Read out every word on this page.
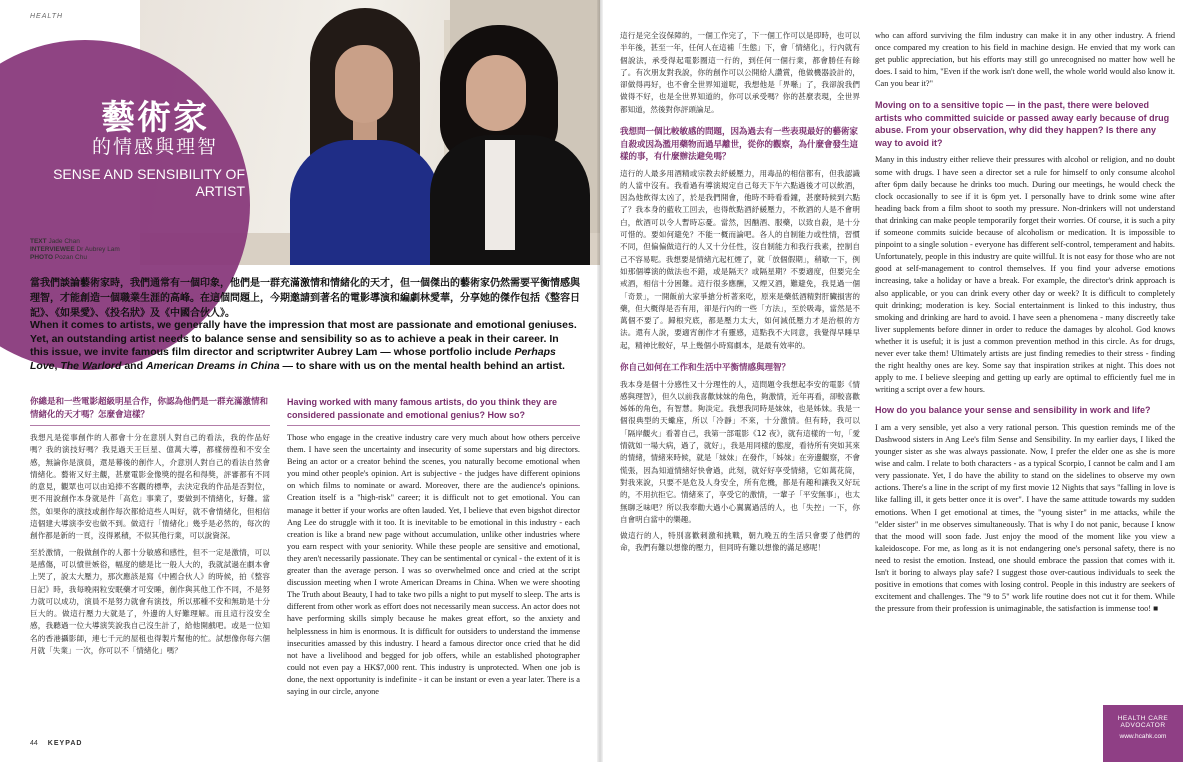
HEALTH
藝術家
的情感與理智
SENSE AND SENSIBILITY OF ARTIST
TEXT Jade Chan
INTERVIEWEE Dr Aubrey Lam
PHOTO Pozan Chu
當我們談論藝術家時，我們通常有一個印象，他們是一群充滿激情和情緒化的天才，但一個傑出的藝術家仍然需要平衡情感與理智，才能創造一個職業生涯的高峰。在這個問題上，今期邀請到著名的電影導演和編劇林愛華，分享她的傑作包括《整容日記》、《如果愛》、《投名狀》及《中國合伙人》。
When it comes to artists, we generally have the impression that most are passionate and emotional geniuses. Yet, an outstanding artist needs to balance sense and sensibility so as to achieve a peak in their career. In this issue, we invite famous film director and scriptwriter Aubrey Lam — whose portfolio include Perhaps Love, The Warlord and American Dreams in China — to share with us on the mental health behind an artist.
你總是和一些電影超級明星合作，你認為他們是一群充滿激情和情緒化的天才嗎？怎麼會這樣？
我想凡是從事創作的人都會十分在意別人對自己的看法，我的作品好嗎？我的演技好嗎？我見過天王巨星、億萬大導，都樣徬徨和不安全感，無論你是演員，還是幕後的創作人，介意別人對自己的看法自然會情緒化。藝術又好主觀，甚麼電影金像獎的提名和得獎，評審都有不同的意見，觀眾也可以由追捧不客觀的標準，去決定我的作品是否對位，更不用說創作本身就是件「高危」事業了，要做到不情緒化，好難。當然，如果你的演技或創作每次都給這些人叫好，就不會情緒化，但相信這個建大導演李安也做不到。做這行「情緒化」幾乎是必然的，每次的創作都是新的一頁，沒得累積，不似其他行業，可以說資深。
至於激情，一般做創作的人都十分敏感和感性，但不一定是激情，可以是感傷，可以憤世嫉俗，幅度的總是比一般人大的，我就試過在劇本會上哭了，說太大壓力，那次應該是寫《中國合伙人》的時候，拍《整容日記》時，我每晚兩粒安眠藥才可安睡，創作與其他工作不同，不是努力就可以成功，演員不是努力就會有演技，所以那種不安和無助是十分巨大的。做這行壓力大就是了，外邊的人好難理解。而且這行沒安全感，我聽過一位大導演笑說我自己沒生計了，給他開戲吧。或是一位知名的香港攝影師，連七千元的屋租也得製片幫他的忙。試想像你每六個月就「失業」一次，你可以不「情緒化」嗎？
Having worked with many famous artists, do you think they are considered passionate and emotional genius? How so?
Those who engage in the creative industry care very much about how others perceive them. I have seen the uncertainty and insecurity of some superstars and big directors. Being an actor or a creator behind the scenes, you naturally become emotional when you mind other people's opinion. Art is subjective - the judges have different opinions on which films to nominate or award. Moreover, there are the audience's opinions. Creation itself is a "high-risk" career; it is difficult not to get emotional. You can manage it better if your works are often lauded. Yet, I believe that even bigshot director Ang Lee do struggle with it too. It is inevitable to be emotional in this industry - each creation is like a brand new page without accumulation, unlike other industries where you earn respect with your seniority. While these people are sensitive and emotional, they aren't necessarily passionate. They can be sentimental or cynical - the extent of it is greater than the average person. I was so overwhelmed once and cried at the script discussion meeting when I wrote American Dreams in China. When we were shooting The Truth about Beauty, I had to take two pills a night to put myself to sleep. The arts is different from other work as effort does not necessarily mean success. An actor does not have performing skills simply because he makes great effort, so the anxiety and helplessness in him is enormous. It is difficult for outsiders to understand the immense insecurities amassed by this industry. I heard a famous director once cried that he did not have a livelihood and begged for job offers, while an established photographer could not even pay a HK$7,000 rent. This industry is unprotected. When one job is done, the next opportunity is indefinite - it can be instant or even a year later. There is a saying in our circle, anyone
44 KEYPAD
這行是完全沒保障的，一個工作完了，下一個工作可以是即時，也可以半年後，甚至一年，任何人在這補「生態」下，會「情緒化」，行內就有個說法，承受得起電影圈這一行的，到任何一個行業，都會勝任有餘了。有次朋友對我說，你的創作可以公開給人讚賞，他做機器設計的，卻做得再好，也不會全世界知道呢，我想他是「畀喺」了，我卻說我們做得不好，也是全世界知道的，你可以承受嗎？你的甚麼表現，全世界都知道，然後對你評頭論足。
我想問一個比較敏感的問題，因為過去有一些表現最好的藝術家自殺或因為濫用藥物而過早離世，從你的觀察，為什麼會發生這樣的事，有什麼辦法避免嗎？
這行的人最多用酒精或宗教去紓緩壓力，用毒品的相信都有，但我認識的人當中沒有。我看過有導演規定自己每天下午六點過後才可以飲酒，因為他飲得太凶了，於是我們開會，他時不時看看鐘，甚麼時候到六點了？我本身的藍收工回去，也得飲點酒紓緩壓力，不飲酒的人是不會明白，飲酒可以令人暫時忘憂。當然，因酗酒、服藥，以致自殺，是十分可惜的。要如何避免？不能一概而論吧。各人的自制能力或性情，習慣不同，但偏偏做這行的人又十分任性，沒自制能力和我行我素，控制自己不容易呢。我想要是情緒亢起杠煙了，就「放個假期」，稍歇一下，例如那個導演的做法也不錯，或是隔天？或隔星期？不要適度，但要完全戒酒，相信十分困難。這行很多應酬，又煙又酒，難避免，我見過一個「奇景」，一開飯前大家爭搶分析著來吃，原來是藥低酒精對肝臟損害的藥，但大概得是否有用，卻是行內的一些「方法」，至於吸毒，當然是不萬個不要了。歸根究底，都是壓力太大，如何減低壓力才是治根的方法。還有人說，要適宵創作才有靈感，這點我不大同意，我覺得早睡早起，精神比較好，早上幾個小時寫劇本，是最有效率的。
你自己如何在工作和生活中平衡情感與理智？
我本身是個十分感性又十分理性的人，這問題令我想起李安的電影《情感與理智》，但久以前我喜歡妹妹的角色，夠激情，近年再看，卻較喜歡姊姊的角色，有智慧。夠淡定。我想我同時是妹妹，也是姊妹。我是一個很典型的天蠍座，所以「冷靜」不來，十分激情。但有時，我可以「隔岸觀火」看著自己，我第一部電影《12 夜》，就有這樣的一句，「愛情就如一場大病，過了，就好」，我是用同樣的態度，看待所有突如其來的情緒，情緒來時候，就是「妹妹」在發作，「姊妹」在旁邊觀察，不會慌張，因為知道情緒好快會過，此刻，就好好享受情緒，它如萬花筒，對我來說，只要不是危及人身安全，所有危機，都是有趣和讓我又好玩的，不用抗拒它。情緒來了，享受它的激情，一輩子「平安無事」，也太無聊乏味吧？所以我奉勸大過小心翼翼過活的人，也「失控」一下，你自會明白當中的樂趣。
做這行的人，特別喜歡刺激和挑戰，朝九晚五的生活只會要了他們的命，我們有難以想像的壓力，但同時有難以想像的滿足感呢！
who can afford surviving the film industry can make it in any other industry. A friend once compared my creation to his field in machine design. He envied that my work can get public appreciation, but his efforts may still go unrecognised no matter how well he does. I said to him, "Even if the work isn't done well, the whole world would also know it. Can you bear it?"
Moving on to a sensitive topic — in the past, there were beloved artists who committed suicide or passed away early because of drug abuse. From your observation, why did they happen? Is there any way to avoid it?
Many in this industry either relieve their pressures with alcohol or religion, and no doubt some with drugs. I have seen a director set a rule for himself to only consume alcohol after 6pm daily because he drinks too much. During our meetings, he would check the clock occasionally to see if it is 6pm yet. I personally have to drink some wine after heading back from a film shoot to sooth my pressure. Non-drinkers will not understand that drinking can make people temporarily forget their worries. Of course, it is such a pity if someone commits suicide because of alcoholism or medication. It is impossible to pinpoint to a single solution - everyone has different self-control, temperament and habits. Unfortunately, people in this industry are quite willful. It is not easy for those who are not good at self-management to control themselves. If you find your adverse emotions increasing, take a holiday or have a break. For example, the director's drink approach is also applicable, or you can drink every other day or week? It is difficult to completely quit drinking; moderation is key. Social entertainment is linked to this industry, thus smoking and drinking are hard to avoid. I have seen a phenomena - many discreetly take liver supplements before dinner in order to reduce the damages by alcohol. God knows whether it is useful; it is just a common prevention method in this circle. As for drugs, never ever take them! Ultimately artists are just finding remedies to their stress - finding the right healthy ones are key. Some say that inspiration strikes at night. This does not apply to me. I believe sleeping and getting up early are optimal to efficiently fuel me in writing a script over a few hours.
How do you balance your sense and sensibility in work and life?
I am a very sensible, yet also a very rational person. This question reminds me of the Dashwood sisters in Ang Lee's film Sense and Sensibility. In my earlier days, I liked the younger sister as she was always passionate. Now, I prefer the elder one as she is more wise and calm. I relate to both characters - as a typical Scorpio, I cannot be calm and I am very passionate. Yet, I do have the ability to stand on the sidelines to observe my own actions. There's a line in the script of my first movie 12 Nights that says "falling in love is like falling ill, it gets better once it is over". I have the same attitude towards my sudden emotions. When I get emotional at times, the "young sister" in me attacks, while the "elder sister" in me observes simultaneously. That is why I do not panic, because I know that the mood will soon fade. Just enjoy the mood of the moment like you view a kaleidoscope. For me, as long as it is not endangering one's personal safety, there is no need to resist the emotion. Instead, one should embrace the passion that comes with it. Isn't it boring to always play safe? I suggest those over-cautious individuals to seek the positive in emotions that comes with losing control. People in this industry are seekers of excitement and challenges. The "9 to 5" work life routine does not cut it for them. While the pressure from their profession is unimaginable, the satisfaction is immense too! ■
HEALTH CARE
ADVOCATOR
www.hcahk.com
